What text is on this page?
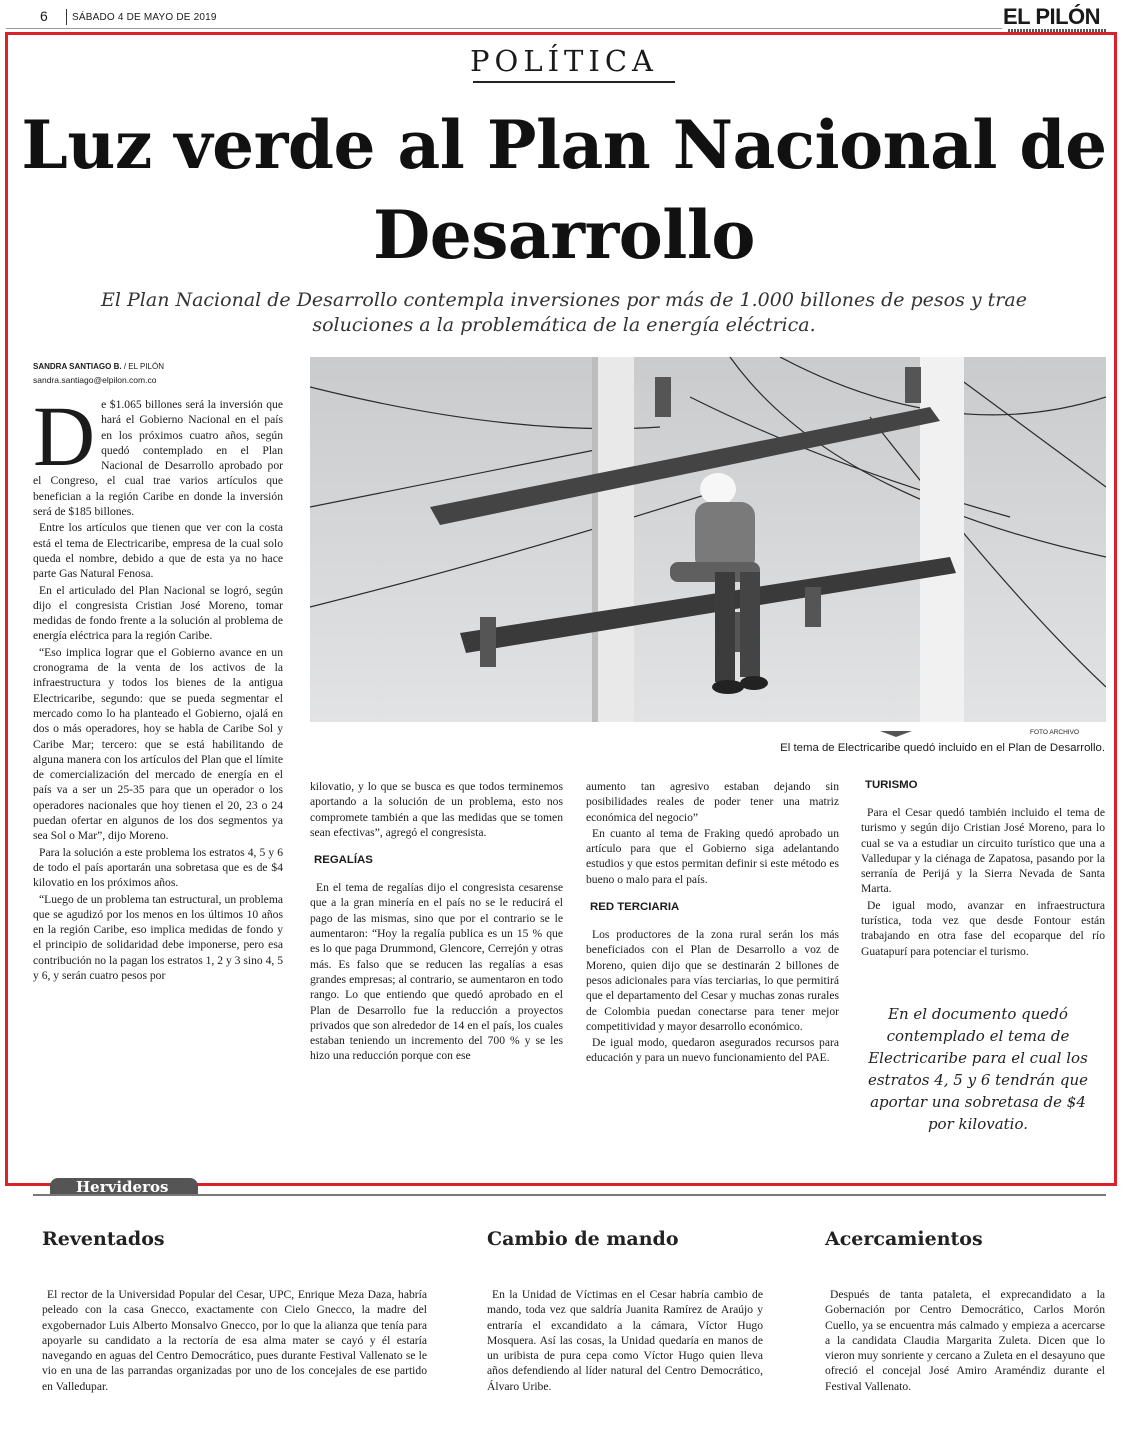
6 SÁBADO 4 DE MAYO DE 2019	EL PILÓN
POLÍTICA
Luz verde al Plan Nacional de Desarrollo
El Plan Nacional de Desarrollo contempla inversiones por más de 1.000 billones de pesos y trae soluciones a la problemática de la energía eléctrica.
SANDRA SANTIAGO B. / EL PILÓN
sandra.santiago@elpilon.com.co

De $1.065 billones será la inversión que hará el Gobierno Nacional en el país en los próximos cuatro años, según quedó contemplado en el Plan Nacional de Desarrollo aprobado por el Congreso, el cual trae varios artículos que benefician a la región Caribe en donde la inversión será de $185 billones.

Entre los artículos que tienen que ver con la costa está el tema de Electricaribe, empresa de la cual solo queda el nombre, debido a que de esta ya no hace parte Gas Natural Fenosa.

En el articulado del Plan Nacional se logró, según dijo el congresista Cristian José Moreno, tomar medidas de fondo frente a la solución al problema de energía eléctrica para la región Caribe.

“Eso implica lograr que el Gobierno avance en un cronograma de la venta de los activos de la infraestructura y todos los bienes de la antigua Electricaribe, segundo: que se pueda segmentar el mercado como lo ha planteado el Gobierno, ojalá en dos o más operadores, hoy se habla de Caribe Sol y Caribe Mar; tercero: que se está habilitando de alguna manera con los artículos del Plan que el límite de comercialización del mercado de energía en el país va a ser un 25-35 para que un operador o los operadores nacionales que hoy tienen el 20, 23 o 24 puedan ofertar en algunos de los dos segmentos ya sea Sol o Mar”, dijo Moreno.

Para la solución a este problema los estratos 4, 5 y 6 de todo el país aportarán una sobretasa que es de $4 kilovatio en los próximos años.

“Luego de un problema tan estructural, un problema que se agudizó por los menos en los últimos 10 años en la región Caribe, eso implica medidas de fondo y el principio de solidaridad debe imponerse, pero esa contribución no la pagan los estratos 1, 2 y 3 sino 4, 5 y 6, y serán cuatro pesos por

FOTO ARCHIVO
El tema de Electricaribe quedó incluido en el Plan de Desarrollo.

kilovatio, y lo que se busca es que todos terminemos aportando a la solución de un problema, esto nos compromete también a que las medidas que se tomen sean efectivas”, agregó el congresista.

REGALÍAS

En el tema de regalías dijo el congresista cesarense que a la gran minería en el país no se le reducirá el pago de las mismas, sino que por el contrario se le aumentaron: “Hoy la regalía publica es un 15 % que es lo que paga Drummond, Glencore, Cerrejón y otras más. Es falso que se reducen las regalías a esas grandes empresas; al contrario, se aumentaron en todo rango. Lo que entiendo que quedó aprobado en el Plan de Desarrollo fue la reducción a proyectos privados que son alrededor de 14 en el país, los cuales estaban teniendo un incremento del 700 % y se les hizo una reducción porque con ese

aumento tan agresivo estaban dejando sin posibilidades reales de poder tener una matriz económica del negocio”

En cuanto al tema de Fraking quedó aprobado un artículo para que el Gobierno siga adelantando estudios y que estos permitan definir si este método es bueno o malo para el país.

RED TERCIARIA

Los productores de la zona rural serán los más beneficiados con el Plan de Desarrollo a voz de Moreno, quien dijo que se destinarán 2 billones de pesos adicionales para vías terciarias, lo que permitirá que el departamento del Cesar y muchas zonas rurales de Colombia puedan conectarse para tener mejor competitividad y mayor desarrollo económico.

De igual modo, quedaron asegurados recursos para educación y para un nuevo funcionamiento del PAE.

TURISMO

Para el Cesar quedó también incluido el tema de turismo y según dijo Cristian José Moreno, para lo cual se va a estudiar un circuito turístico que una a Valledupar y la ciénaga de Zapatosa, pasando por la serranía de Perijá y la Sierra Nevada de Santa Marta.

De igual modo, avanzar en infraestructura turística, toda vez que desde Fontour están trabajando en otra fase del ecoparque del río Guatapurí para potenciar el turismo.

En el documento quedó contemplado el tema de Electricaribe para el cual los estratos 4, 5 y 6 tendrán que aportar una sobretasa de $4 por kilovatio.
Hervideros
Reventados
El rector de la Universidad Popular del Cesar, UPC, Enrique Meza Daza, habría peleado con la casa Gnecco, exactamente con Cielo Gnecco, la madre del exgobernador Luis Alberto Monsalvo Gnecco, por lo que la alianza que tenía para apoyarle su candidato a la rectoría de esa alma mater se cayó y él estaría navegando en aguas del Centro Democrático, pues durante Festival Vallenato se le vio en una de las parrandas organizadas por uno de los concejales de ese partido en Valledupar.
Cambio de mando
En la Unidad de Víctimas en el Cesar habría cambio de mando, toda vez que saldría Juanita Ramírez de Araújo y entraría el excandidato a la cámara, Víctor Hugo Mosquera. Así las cosas, la Unidad quedaría en manos de un uribista de pura cepa como Víctor Hugo quien lleva años defendiendo al líder natural del Centro Democrático, Álvaro Uribe.
Acercamientos
Después de tanta pataleta, el exprecandidato a la Gobernación por Centro Democrático, Carlos Morón Cuello, ya se encuentra más calmado y empieza a acercarse a la candidata Claudia Margarita Zuleta. Dicen que lo vieron muy sonriente y cercano a Zuleta en el desayuno que ofreció el concejal José Amiro Araméndiz durante el Festival Vallenato.
